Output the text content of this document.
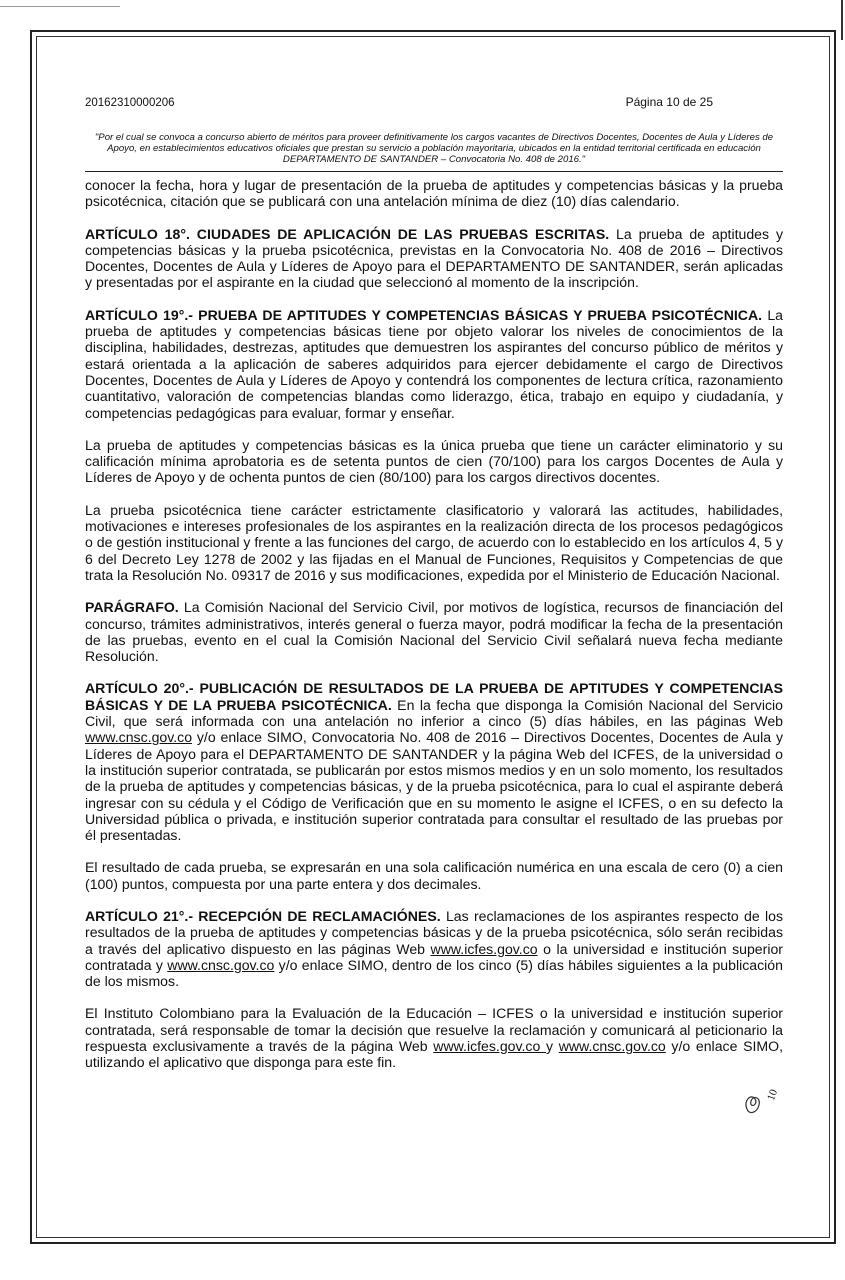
20162310000206	Página 10 de 25
"Por el cual se convoca a concurso abierto de méritos para proveer definitivamente los cargos vacantes de Directivos Docentes, Docentes de Aula y Líderes de Apoyo, en establecimientos educativos oficiales que prestan su servicio a población mayoritaria, ubicados en la entidad territorial certificada en educación DEPARTAMENTO DE SANTANDER – Convocatoria No. 408 de 2016."

conocer la fecha, hora y lugar de presentación de la prueba de aptitudes y competencias básicas y la prueba psicotécnica, citación que se publicará con una antelación mínima de diez (10) días calendario.

ARTÍCULO 18°. CIUDADES DE APLICACIÓN DE LAS PRUEBAS ESCRITAS. La prueba de aptitudes y competencias básicas y la prueba psicotécnica, previstas en la Convocatoria No. 408 de 2016 – Directivos Docentes, Docentes de Aula y Líderes de Apoyo para el DEPARTAMENTO DE SANTANDER, serán aplicadas y presentadas por el aspirante en la ciudad que seleccionó al momento de la inscripción.

ARTÍCULO 19°.- PRUEBA DE APTITUDES Y COMPETENCIAS BÁSICAS Y PRUEBA PSICOTÉCNICA. La prueba de aptitudes y competencias básicas tiene por objeto valorar los niveles de conocimientos de la disciplina, habilidades, destrezas, aptitudes que demuestren los aspirantes del concurso público de méritos y estará orientada a la aplicación de saberes adquiridos para ejercer debidamente el cargo de Directivos Docentes, Docentes de Aula y Líderes de Apoyo y contendrá los componentes de lectura crítica, razonamiento cuantitativo, valoración de competencias blandas como liderazgo, ética, trabajo en equipo y ciudadanía, y competencias pedagógicas para evaluar, formar y enseñar.

La prueba de aptitudes y competencias básicas es la única prueba que tiene un carácter eliminatorio y su calificación mínima aprobatoria es de setenta puntos de cien (70/100) para los cargos Docentes de Aula y Líderes de Apoyo y de ochenta puntos de cien (80/100) para los cargos directivos docentes.

La prueba psicotécnica tiene carácter estrictamente clasificatorio y valorará las actitudes, habilidades, motivaciones e intereses profesionales de los aspirantes en la realización directa de los procesos pedagógicos o de gestión institucional y frente a las funciones del cargo, de acuerdo con lo establecido en los artículos 4, 5 y 6 del Decreto Ley 1278 de 2002 y las fijadas en el Manual de Funciones, Requisitos y Competencias de que trata la Resolución No. 09317 de 2016 y sus modificaciones, expedida por el Ministerio de Educación Nacional.

PARÁGRAFO. La Comisión Nacional del Servicio Civil, por motivos de logística, recursos de financiación del concurso, trámites administrativos, interés general o fuerza mayor, podrá modificar la fecha de la presentación de las pruebas, evento en el cual la Comisión Nacional del Servicio Civil señalará nueva fecha mediante Resolución.

ARTÍCULO 20°.- PUBLICACIÓN DE RESULTADOS DE LA PRUEBA DE APTITUDES Y COMPETENCIAS BÁSICAS Y DE LA PRUEBA PSICOTÉCNICA. En la fecha que disponga la Comisión Nacional del Servicio Civil, que será informada con una antelación no inferior a cinco (5) días hábiles, en las páginas Web www.cnsc.gov.co y/o enlace SIMO, Convocatoria No. 408 de 2016 – Directivos Docentes, Docentes de Aula y Líderes de Apoyo para el DEPARTAMENTO DE SANTANDER y la página Web del ICFES, de la universidad o la institución superior contratada, se publicarán por estos mismos medios y en un solo momento, los resultados de la prueba de aptitudes y competencias básicas, y de la prueba psicotécnica, para lo cual el aspirante deberá ingresar con su cédula y el Código de Verificación que en su momento le asigne el ICFES, o en su defecto la Universidad pública o privada, e institución superior contratada para consultar el resultado de las pruebas por él presentadas.

El resultado de cada prueba, se expresarán en una sola calificación numérica en una escala de cero (0) a cien (100) puntos, compuesta por una parte entera y dos decimales.

ARTÍCULO 21°.- RECEPCIÓN DE RECLAMACIÓNES. Las reclamaciones de los aspirantes respecto de los resultados de la prueba de aptitudes y competencias básicas y de la prueba psicotécnica, sólo serán recibidas a través del aplicativo dispuesto en las páginas Web www.icfes.gov.co o la universidad e institución superior contratada y www.cnsc.gov.co y/o enlace SIMO, dentro de los cinco (5) días hábiles siguientes a la publicación de los mismos.

El Instituto Colombiano para la Evaluación de la Educación – ICFES o la universidad e institución superior contratada, será responsable de tomar la decisión que resuelve la reclamación y comunicará al peticionario la respuesta exclusivamente a través de la página Web www.icfes.gov.co y www.cnsc.gov.co y/o enlace SIMO, utilizando el aplicativo que disponga para este fin.

10
